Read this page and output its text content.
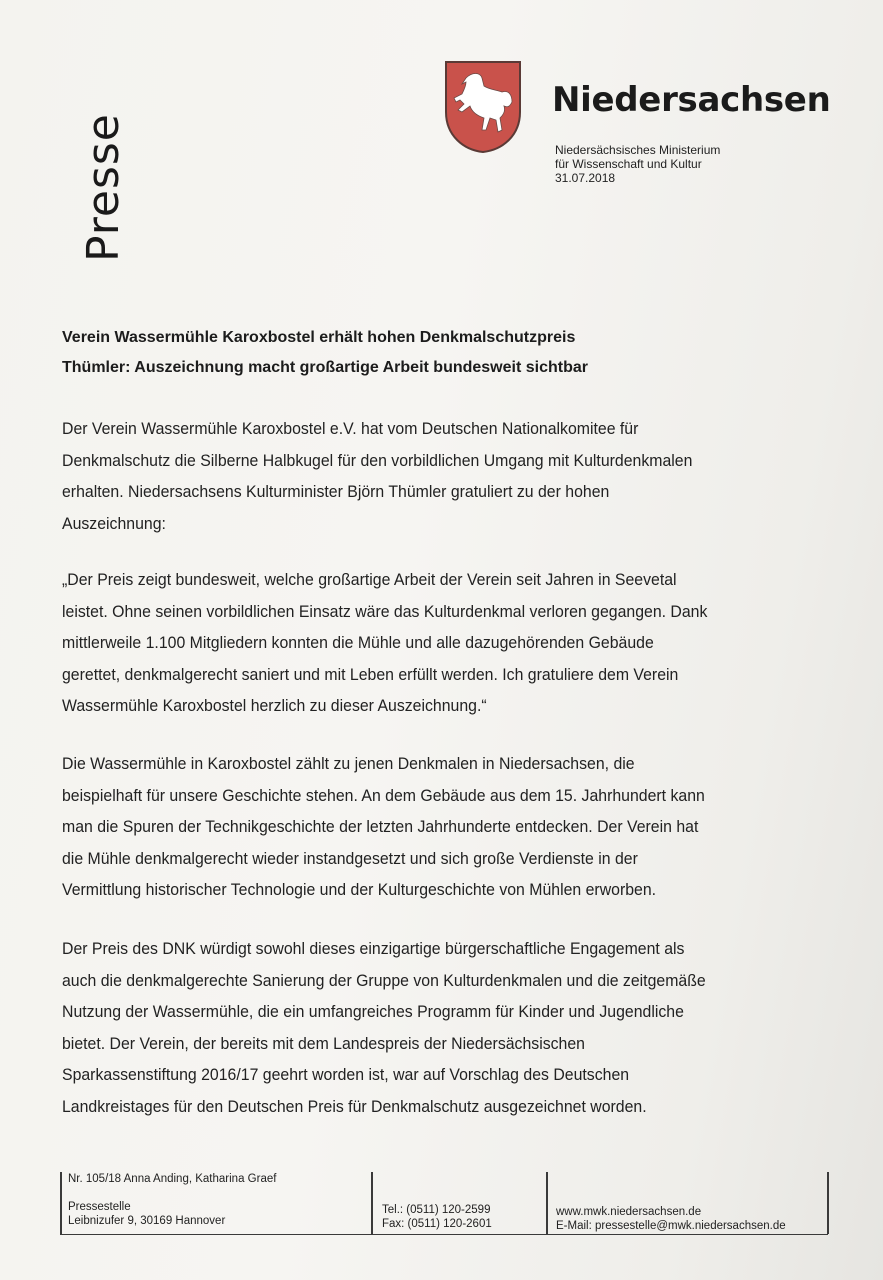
Presse
Niedersachsen
Niedersächsisches Ministerium
für Wissenschaft und Kultur
31.07.2018
Verein Wassermühle Karoxbostel erhält hohen Denkmalschutzpreis
Thümler: Auszeichnung macht großartige Arbeit bundesweit sichtbar
Der Verein Wassermühle Karoxbostel e.V. hat vom Deutschen Nationalkomitee für
Denkmalschutz die Silberne Halbkugel für den vorbildlichen Umgang mit Kulturdenkmalen
erhalten. Niedersachsens Kulturminister Björn Thümler gratuliert zu der hohen
Auszeichnung:
„Der Preis zeigt bundesweit, welche großartige Arbeit der Verein seit Jahren in Seevetal
leistet. Ohne seinen vorbildlichen Einsatz wäre das Kulturdenkmal verloren gegangen. Dank
mittlerweile 1.100 Mitgliedern konnten die Mühle und alle dazugehörenden Gebäude
gerettet, denkmalgerecht saniert und mit Leben erfüllt werden. Ich gratuliere dem Verein
Wassermühle Karoxbostel herzlich zu dieser Auszeichnung.“
Die Wassermühle in Karoxbostel zählt zu jenen Denkmalen in Niedersachsen, die
beispielhaft für unsere Geschichte stehen. An dem Gebäude aus dem 15. Jahrhundert kann
man die Spuren der Technikgeschichte der letzten Jahrhunderte entdecken. Der Verein hat
die Mühle denkmalgerecht wieder instandgesetzt und sich große Verdienste in der
Vermittlung historischer Technologie und der Kulturgeschichte von Mühlen erworben.
Der Preis des DNK würdigt sowohl dieses einzigartige bürgerschaftliche Engagement als
auch die denkmalgerechte Sanierung der Gruppe von Kulturdenkmalen und die zeitgemäße
Nutzung der Wassermühle, die ein umfangreiches Programm für Kinder und Jugendliche
bietet. Der Verein, der bereits mit dem Landespreis der Niedersächsischen
Sparkassenstiftung 2016/17 geehrt worden ist, war auf Vorschlag des Deutschen
Landkreistages für den Deutschen Preis für Denkmalschutz ausgezeichnet worden.
Nr. 105/18 Anna Anding, Katharina Graef
Pressestelle
Leibnizufer 9, 30169 Hannover
Tel.: (0511) 120-2599
Fax: (0511) 120-2601
www.mwk.niedersachsen.de
E-Mail: pressestelle@mwk.niedersachsen.de
